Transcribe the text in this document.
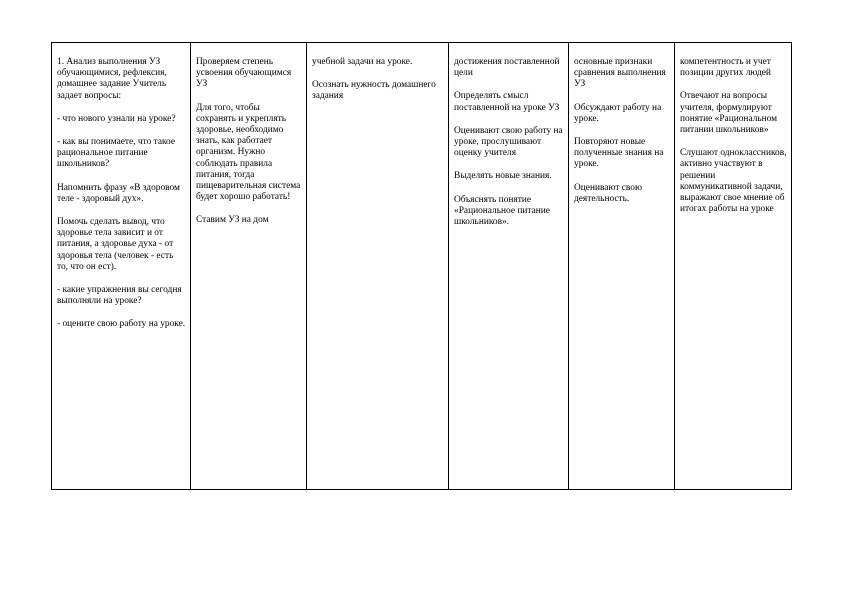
1. Анализ выполнения УЗ обучающимися, рефлексия, домашнее задание Учитель задает вопросы:
- что нового узнали на уроке?
- как вы понимаете, что такое рациональное питание школьников?
Напомнить фразу «В здоровом теле - здоровый дух».
Помочь сделать вывод, что здоровье тела зависит и от питания, а здоровье духа - от здоровья тела (человек - есть то, что он ест).
- какие упражнения вы сегодня выполняли на уроке?
- оцените свою работу на уроке.

Проверяем степень усвоения обучающимся УЗ
Для того, чтобы сохранять и укреплять здоровье, необходимо знать, как работает организм. Нужно соблюдать правила питания, тогда пищеварительная система будет хорошо работать!
Ставим УЗ на дом

учебной задачи на уроке.
Осознать нужность домашнего задания

достижения поставленной цели
Определять смысл поставленной на уроке УЗ
Оценивают свою работу на уроке, прослушивают оценку учителя
Выделять новые знания.
Объяснять понятие «Рациональное питание школьников».

основные признаки сравнения выполнения УЗ
Обсуждают работу на уроке.
Повторяют новые полученные знания на уроке.
Оценивают свою деятельность.

компетентность и учет позиции других людей
Отвечают на вопросы учителя, формулируют понятие «Рациональном питании школьников»
Слушают одноклассников, активно участвуют в решении коммуникативной задачи, выражают свое мнение об итогах работы на уроке
